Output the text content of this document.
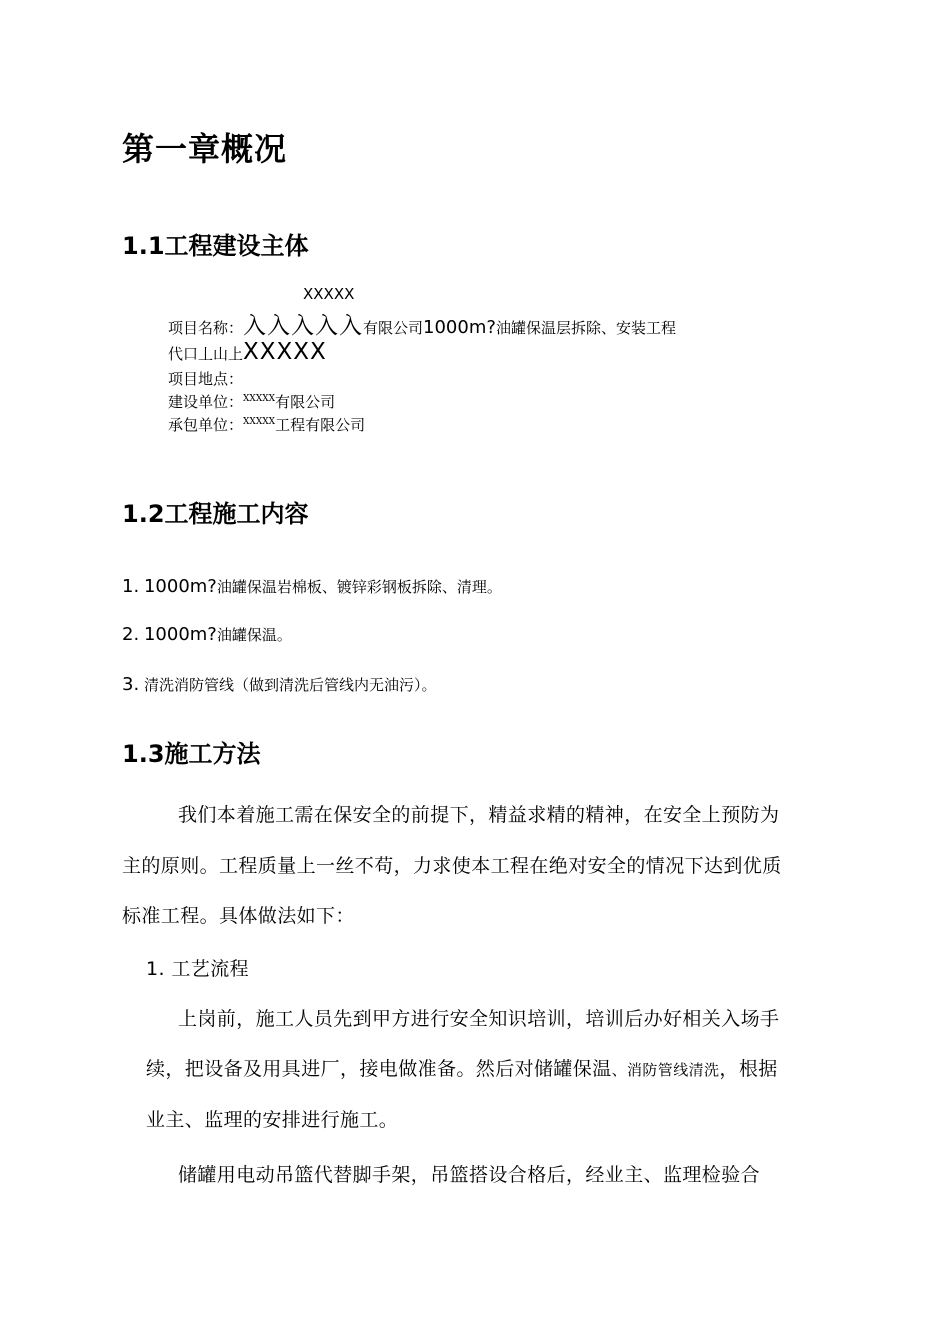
第一章概况
1.1工程建设主体
XXXXX
项目名称：入入入入入有限公司1000m?油罐保温层拆除、安装工程
代口丄山上XXXXX
项目地点：
建设单位：$^{XXXXX}$有限公司
承包单位：$^{XXXXX}$工程有限公司
1.2工程施工内容
1. 1000m?油罐保温岩棉板、镀锌彩钢板拆除、清理。
2. 1000m?油罐保温。
3. 清洗消防管线（做到清洗后管线内无油污）。
1.3施工方法
我们本着施工需在保安全的前提下，精益求精的精神，在安全上预防为
主的原则。工程质量上一丝不苟，力求使本工程在绝对安全的情况下达到优质
标准工程。具体做法如下：
1. 工艺流程
上岗前，施工人员先到甲方进行安全知识培训，培训后办好相关入场手
续，把设备及用具进厂，接电做准备。然后对储罐保温、消防管线清洗，根据
业主、监理的安排进行施工。
储罐用电动吊篮代替脚手架，吊篮搭设合格后，经业主、监理检验合
